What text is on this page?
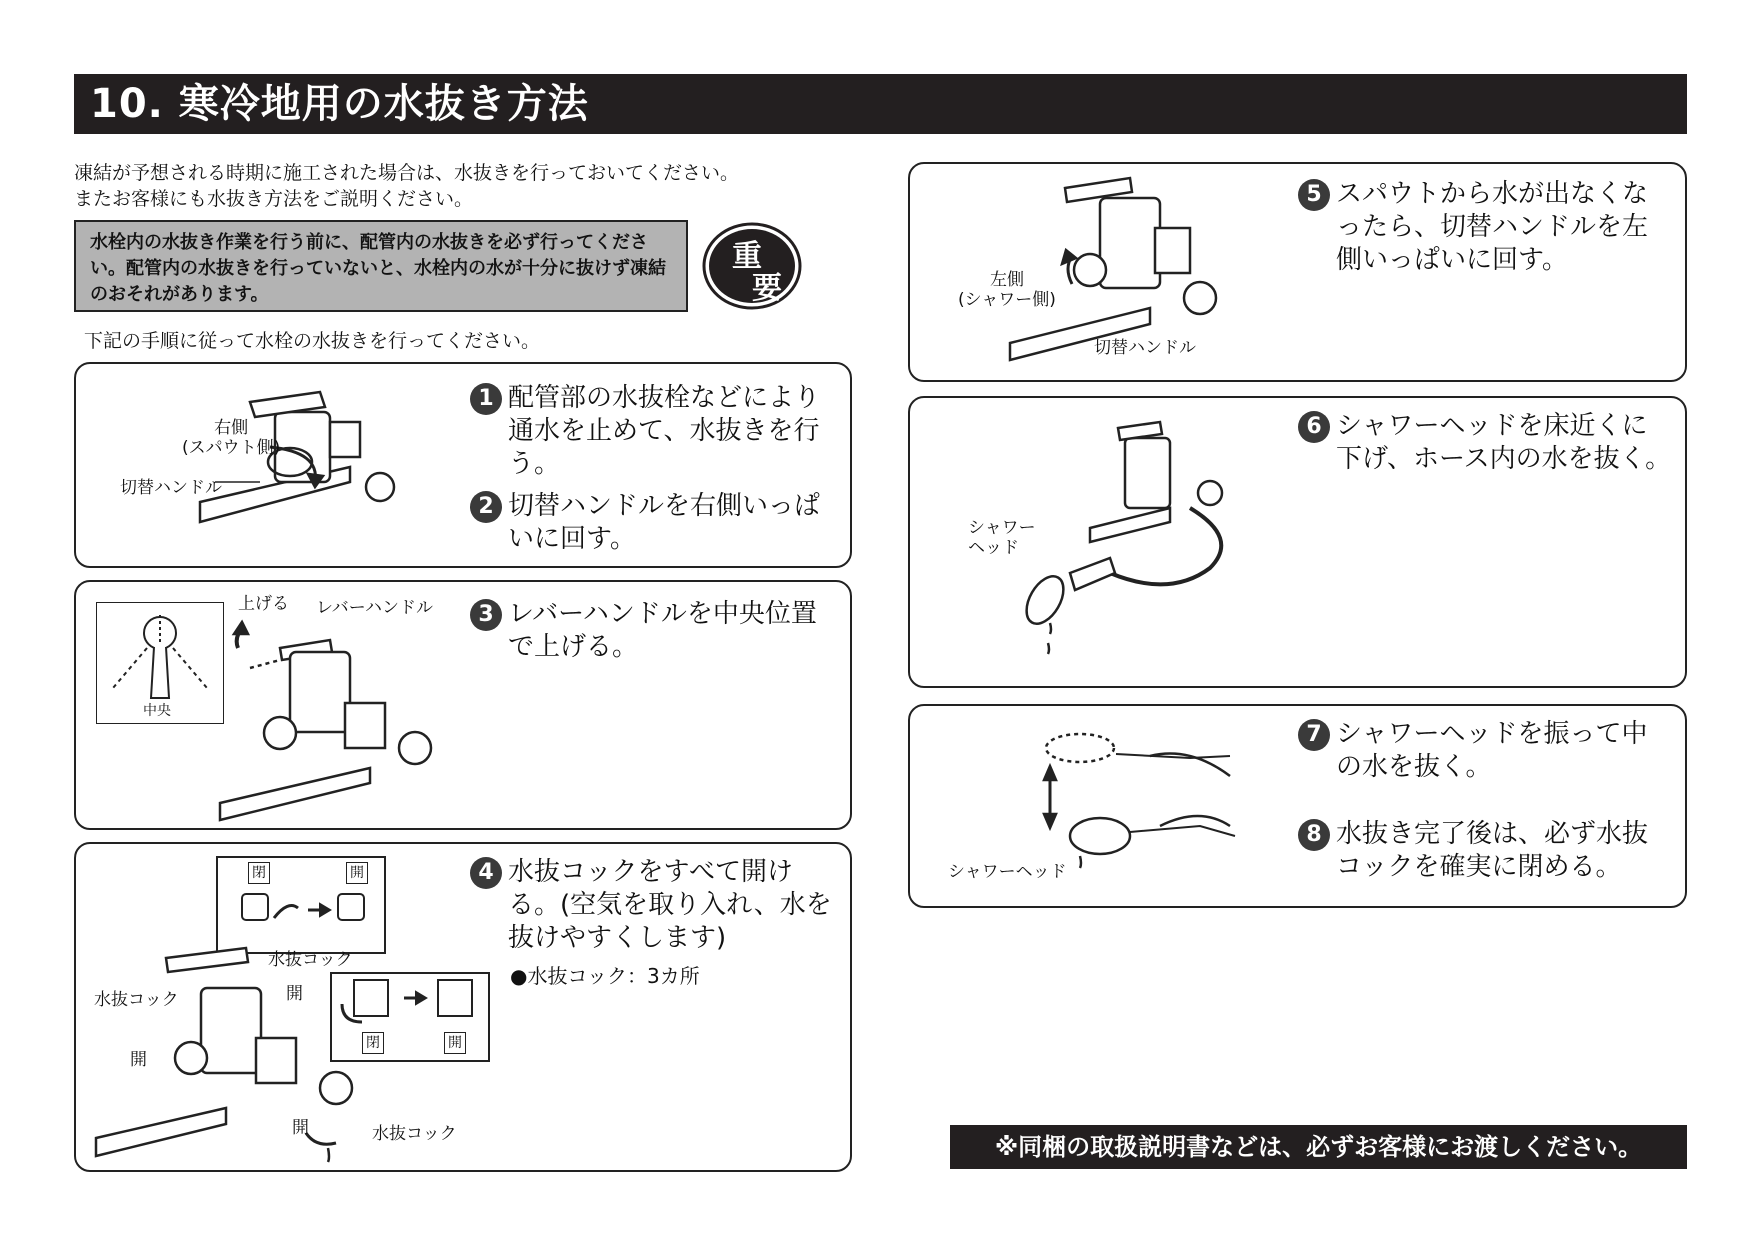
10. 寒冷地用の水抜き方法
凍結が予想される時期に施工された場合は、水抜きを行っておいてください。
またお客様にも水抜き方法をご説明ください。
水栓内の水抜き作業を行う前に、配管内の水抜きを必ず行ってください。配管内の水抜きを行っていないと、水栓内の水が十分に抜けず凍結のおそれがあります。
重
要
下記の手順に従って水栓の水抜きを行ってください。
右側
(スパウト側)
切替ハンドル
1 配管部の水抜栓などにより通水を止めて、水抜きを行う。
2 切替ハンドルを右側いっぱいに回す。
中央
上げる レバーハンドル	3 レバーハンドルを中央位置で上げる。
閉	開
閉	開
水抜コック
水抜コック
水抜コック
開
開
開
4 水抜コックをすべて開ける。(空気を取り入れ、水を抜けやすくします)
●水抜コック：3カ所
左側
(シャワー側)
切替ハンドル
5 スパウトから水が出なくなったら、切替ハンドルを左側いっぱいに回す。
シャワー
ヘッド
6 シャワーヘッドを床近くに下げ、ホース内の水を抜く。
シャワーヘッド
7 シャワーヘッドを振って中の水を抜く。
8 水抜き完了後は、必ず水抜コックを確実に閉める。
※同梱の取扱説明書などは、必ずお客様にお渡しください。
